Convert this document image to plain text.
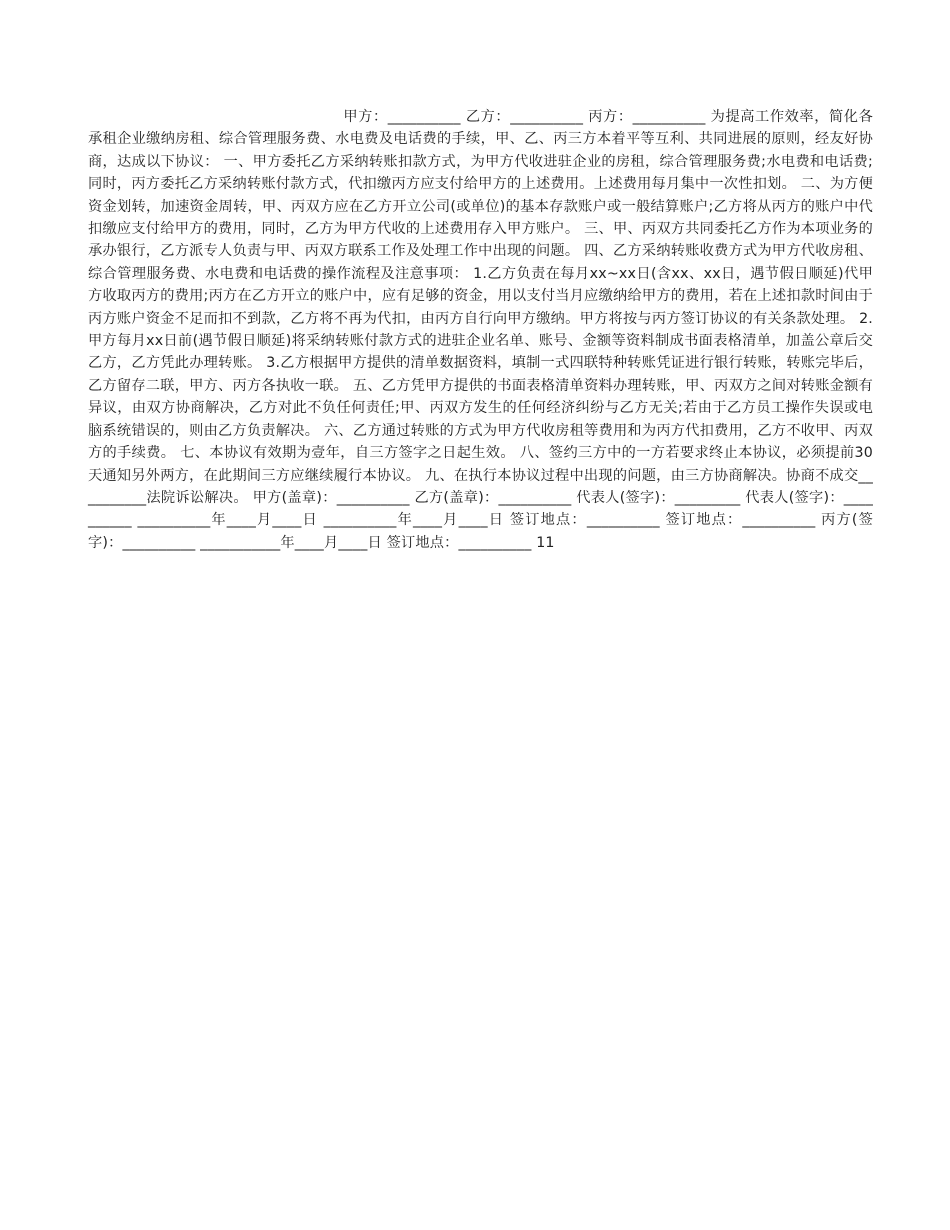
甲方：__________ 乙方：__________ 丙方：__________ 为提高工作效率，简化各承租企业缴纳房租、综合管理服务费、水电费及电话费的手续，甲、乙、丙三方本着平等互利、共同进展的原则，经友好协商，达成以下协议： 一、甲方委托乙方采纳转账扣款方式，为甲方代收进驻企业的房租，综合管理服务费;水电费和电话费;同时，丙方委托乙方采纳转账付款方式，代扣缴丙方应支付给甲方的上述费用。上述费用每月集中一次性扣划。 二、为方便资金划转，加速资金周转，甲、丙双方应在乙方开立公司(或单位)的基本存款账户或一般结算账户;乙方将从丙方的账户中代扣缴应支付给甲方的费用，同时，乙方为甲方代收的上述费用存入甲方账户。 三、甲、丙双方共同委托乙方作为本项业务的承办银行，乙方派专人负责与甲、丙双方联系工作及处理工作中出现的问题。 四、乙方采纳转账收费方式为甲方代收房租、综合管理服务费、水电费和电话费的操作流程及注意事项： 1.乙方负责在每月xx~xx日(含xx、xx日，遇节假日顺延)代甲方收取丙方的费用;丙方在乙方开立的账户中，应有足够的资金，用以支付当月应缴纳给甲方的费用，若在上述扣款时间由于丙方账户资金不足而扣不到款，乙方将不再为代扣，由丙方自行向甲方缴纳。甲方将按与丙方签订协议的有关条款处理。 2.甲方每月xx日前(遇节假日顺延)将采纳转账付款方式的进驻企业名单、账号、金额等资料制成书面表格清单，加盖公章后交乙方，乙方凭此办理转账。 3.乙方根据甲方提供的清单数据资料，填制一式四联特种转账凭证进行银行转账，转账完毕后，乙方留存二联，甲方、丙方各执收一联。 五、乙方凭甲方提供的书面表格清单资料办理转账，甲、丙双方之间对转账金额有异议，由双方协商解决，乙方对此不负任何责任;甲、丙双方发生的任何经济纠纷与乙方无关;若由于乙方员工操作失误或电脑系统错误的，则由乙方负责解决。 六、乙方通过转账的方式为甲方代收房租等费用和为丙方代扣费用，乙方不收甲、丙双方的手续费。 七、本协议有效期为壹年，自三方签字之日起生效。 八、签约三方中的一方若要求终止本协议，必须提前30天通知另外两方，在此期间三方应继续履行本协议。 九、在执行本协议过程中出现的问题，由三方协商解决。协商不成交__________法院诉讼解决。 甲方(盖章)：__________ 乙方(盖章)：__________ 代表人(签字)：_________ 代表人(签字)：__________ __________年____月____日 __________年____月____日 签订地点：__________ 签订地点：__________ 丙方(签字)：__________ ___________年____月____日 签订地点：__________ 11
